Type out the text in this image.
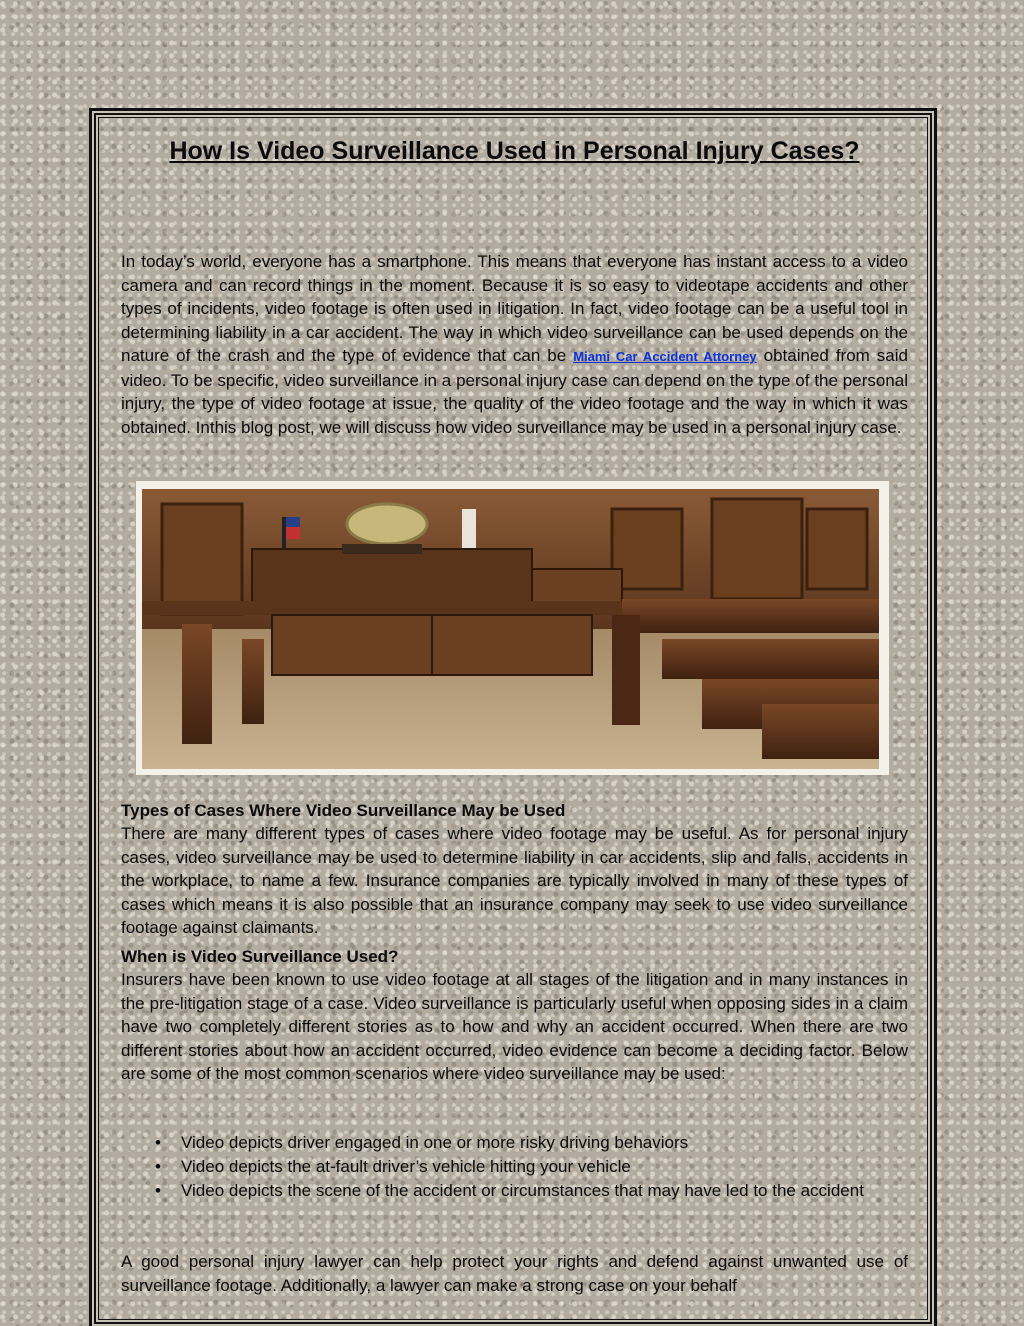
How Is Video Surveillance Used in Personal Injury Cases?

In today’s world, everyone has a smartphone. This means that everyone has instant access to a video camera and can record things in the moment. Because it is so easy to videotape accidents and other types of incidents, video footage is often used in litigation. In fact, video footage can be a useful tool in determining liability in a car accident. The way in which video surveillance can be used depends on the nature of the crash and the type of evidence that can be Miami Car Accident Attorney obtained from said video. To be specific, video surveillance in a personal injury case can depend on the type of the personal injury, the type of video footage at issue, the quality of the video footage and the way in which it was obtained. Inthis blog post, we will discuss how video surveillance may be used in a personal injury case.

Types of Cases Where Video Surveillance May be Used

There are many different types of cases where video footage may be useful. As for personal injury cases, video surveillance may be used to determine liability in car accidents, slip and falls, accidents in the workplace, to name a few. Insurance companies are typically involved in many of these types of cases which means it is also possible that an insurance company may seek to use video surveillance footage against claimants.

When is Video Surveillance Used?

Insurers have been known to use video footage at all stages of the litigation and in many instances in the pre-litigation stage of a case. Video surveillance is particularly useful when opposing sides in a claim have two completely different stories as to how and why an accident occurred. When there are two different stories about how an accident occurred, video evidence can become a deciding factor. Below are some of the most common scenarios where video surveillance may be used:

• Video depicts driver engaged in one or more risky driving behaviors
• Video depicts the at-fault driver’s vehicle hitting your vehicle
• Video depicts the scene of the accident or circumstances that may have led to the accident

A good personal injury lawyer can help protect your rights and defend against unwanted use of surveillance footage. Additionally, a lawyer can make a strong case on your behalf
